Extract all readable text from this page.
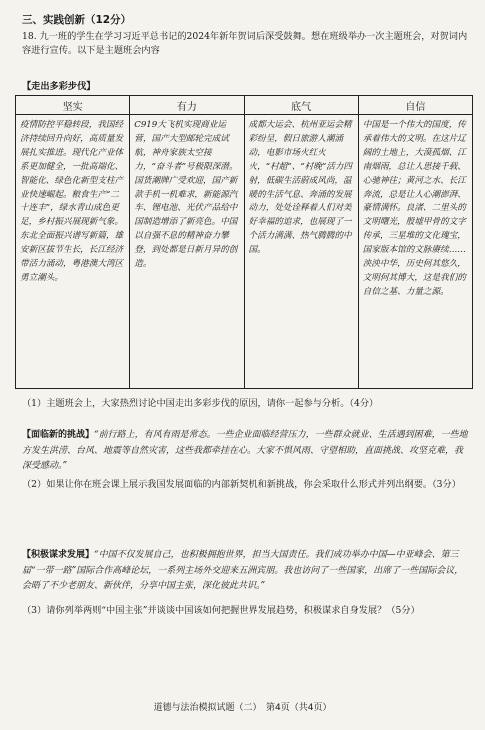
三、实践创新（12分）
18. 九一班的学生在学习习近平总书记的2024年新年贺词后深受鼓舞。想在班级举办一次主题班会，对贺词内容进行宣传。以下是主题班会内容
【走出多彩步伐】
坚实	有力	底气	自信
疫情防控平稳转段，我国经济持续回升向好，高质量发展扎实推进。现代化产业体系更加健全，一批高端化、智能化、绿色化新型支柱产业快速崛起。粮食生产“二十连丰”，绿水青山成色更足，乡村振兴展现新气象。东北全面振兴谱写新篇，雄安新区拔节生长，长江经济带活力涌动，粤港澳大湾区勇立潮头。	C919大飞机实现商业运营，国产大型邮轮完成试航，神舟家族太空接力，“奋斗者”号极限深潜。国货潮牌广受欢迎，国产新款手机一机难求，新能源汽车、锂电池、光伏产品给中国制造增添了新亮色。中国以自强不息的精神奋力攀登，到处都是日新月异的创造。	成都大运会、杭州亚运会精彩纷呈，假日旅游人潮涌动，电影市场火红火火，“村超”、“村晚”活力四射，低碳生活蔚成风尚，温暖的生活气息、奔涌的发展动力，处处诠释着人们对美好幸福的追求，也展现了一个活力满满、热气腾腾的中国。	中国是一个伟大的国度，传承着伟大的文明。在这片辽阔的土地上，大漠孤烟、江南烟雨，总让人思接千载、心驰神往；黄河之水、长江奔流，总是让人心潮澎湃、豪情满怀。良渚、二里头的文明曙光，殷墟甲骨的文字传承，三星堆的文化瑰宝，国家版本馆的文脉赓续……泱泱中华，历史何其悠久，文明何其博大，这是我们的自信之基、力量之源。
（1）主题班会上，大家热烈讨论中国走出多彩步伐的原因，请你一起参与分析。（4分）
【面临新的挑战】“前行路上，有风有雨是常态。一些企业面临经营压力，一些群众就业、生活遇到困难，一些地方发生洪涝、台风、地震等自然灾害，这些我都牵挂在心。大家不惧风雨、守望相助，直面挑战、攻坚克难，我深受感动。”
（2）如果让你在班会课上展示我国发展面临的内部新契机和新挑战，你会采取什么形式并列出纲要。（3分）
【积极谋求发展】“中国不仅发展自己，也积极拥抱世界，担当大国责任。我们成功举办中国—中亚峰会、第三届“一带一路”国际合作高峰论坛，一系列主场外交迎来五洲宾朋。我也访问了一些国家，出席了一些国际会议，会晤了不少老朋友、新伙伴，分享中国主张，深化彼此共识。”
（3）请你列举两则“中国主张”并谈谈中国该如何把握世界发展趋势，积极谋求自身发展？（5分）
道德与法治模拟试题（二）　第4页（共4页）
